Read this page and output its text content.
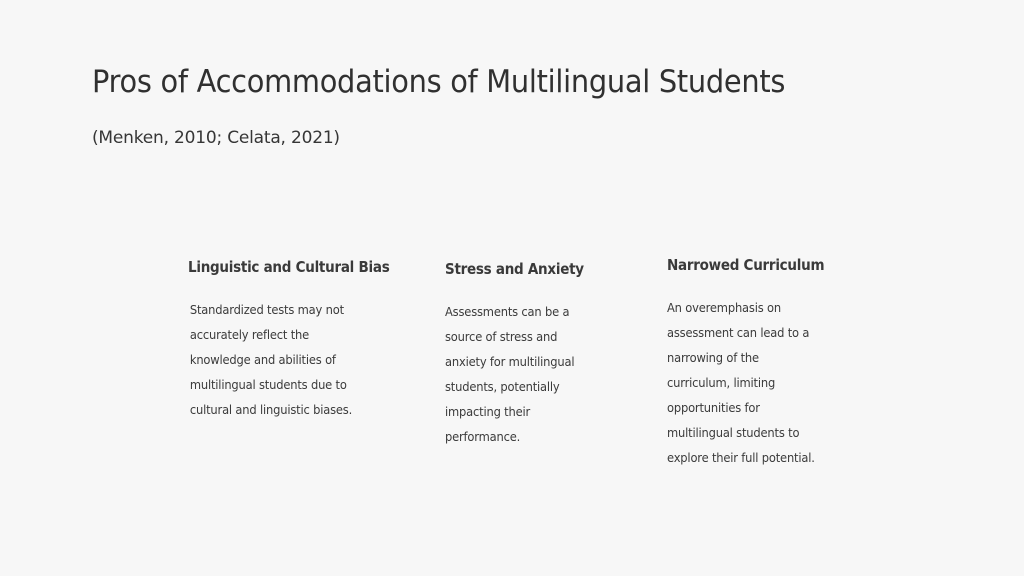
Pros of Accommodations of Multilingual Students

(Menken, 2010; Celata, 2021)

Linguistic and Cultural Bias

Standardized tests may not accurately reflect the knowledge and abilities of multilingual students due to cultural and linguistic biases.

Stress and Anxiety

Assessments can be a source of stress and anxiety for multilingual students, potentially impacting their performance.

Narrowed Curriculum

An overemphasis on assessment can lead to a narrowing of the curriculum, limiting opportunities for multilingual students to explore their full potential.
